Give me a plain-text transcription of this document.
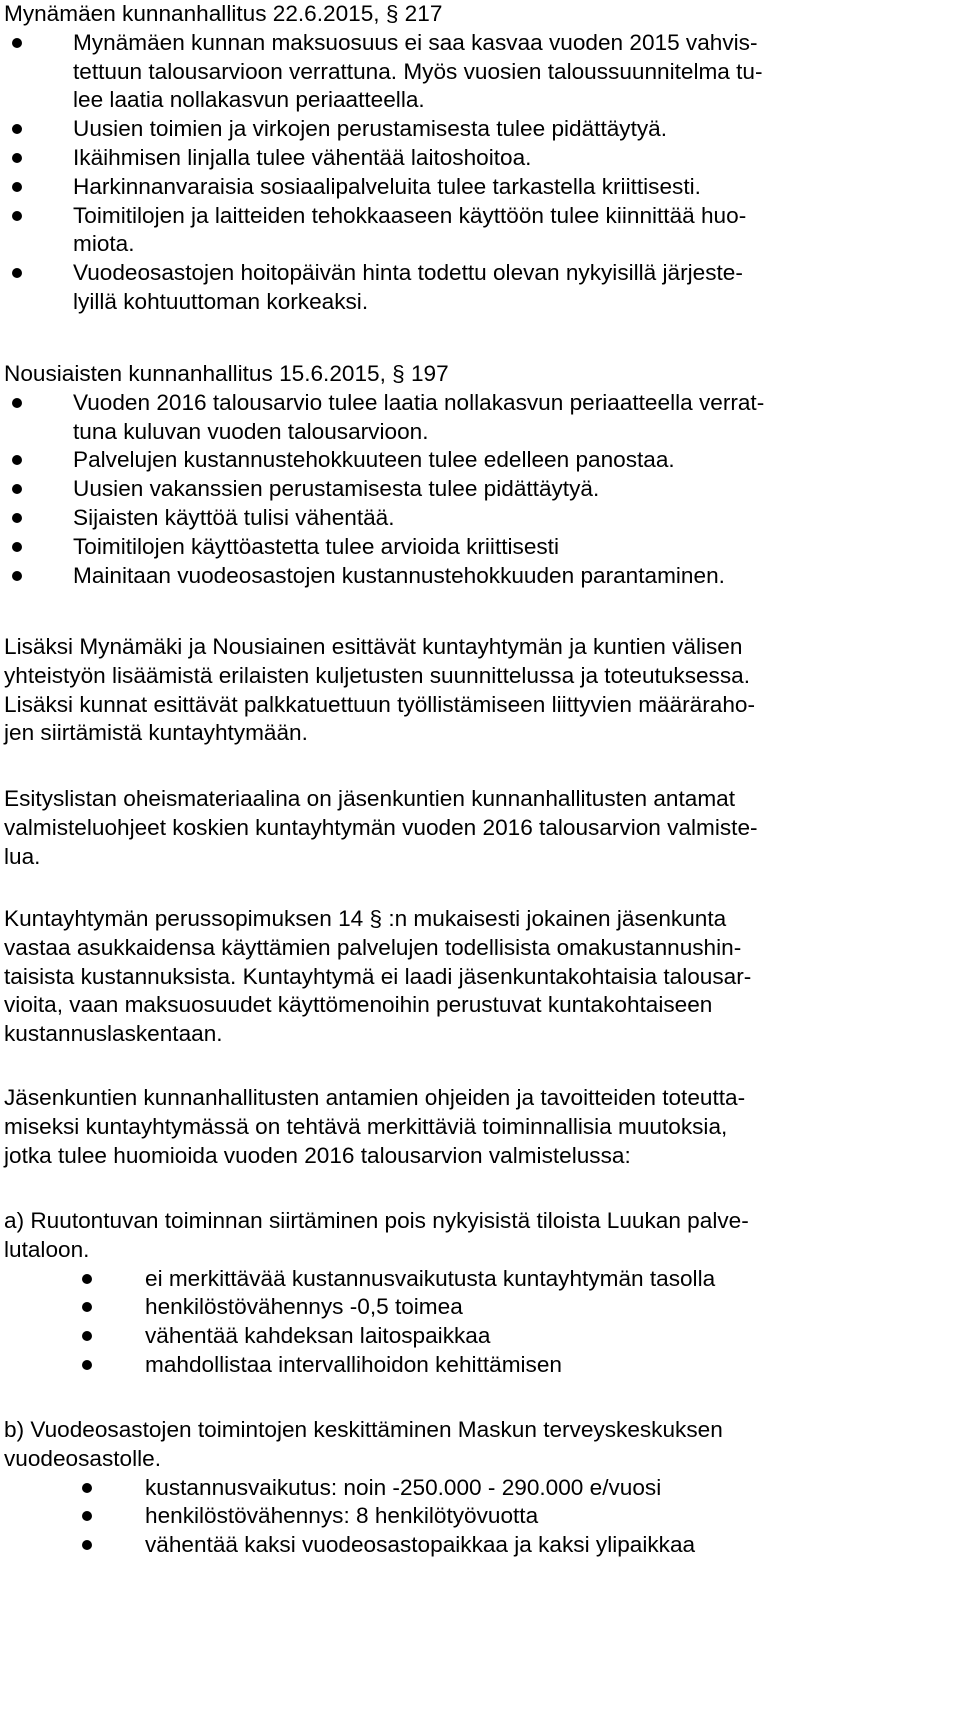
Mynämäen kunnanhallitus 22.6.2015, § 217
Mynämäen kunnan maksuosuus ei saa kasvaa vuoden 2015 vahvis-
tettuun talousarvioon verrattuna. Myös vuosien taloussuunnitelma tu-
lee laatia nollakasvun periaatteella.
Uusien toimien ja virkojen perustamisesta tulee pidättäytyä.
Ikäihmisen linjalla tulee vähentää laitoshoitoa.
Harkinnanvaraisia sosiaalipalveluita tulee tarkastella kriittisesti.
Toimitilojen ja laitteiden tehokkaaseen käyttöön tulee kiinnittää huo-
miota.
Vuodeosastojen hoitopäivän hinta todettu olevan nykyisillä järjeste-
lyillä kohtuuttoman korkeaksi.
Nousiaisten kunnanhallitus 15.6.2015, § 197
Vuoden 2016 talousarvio tulee laatia nollakasvun periaatteella verrat-
tuna kuluvan vuoden talousarvioon.
Palvelujen kustannustehokkuuteen tulee edelleen panostaa.
Uusien vakanssien perustamisesta tulee pidättäytyä.
Sijaisten käyttöä tulisi vähentää.
Toimitilojen käyttöastetta tulee arvioida kriittisesti
Mainitaan vuodeosastojen kustannustehokkuuden parantaminen.
Lisäksi Mynämäki ja Nousiainen esittävät kuntayhtymän ja kuntien välisen
yhteistyön lisäämistä erilaisten kuljetusten suunnittelussa ja toteutuksessa.
Lisäksi kunnat esittävät palkkatuettuun työllistämiseen liittyvien määräraho-
jen siirtämistä kuntayhtymään.
Esityslistan oheismateriaalina on jäsenkuntien kunnanhallitusten antamat
valmisteluohjeet koskien kuntayhtymän vuoden 2016 talousarvion valmiste-
lua.
Kuntayhtymän perussopimuksen 14 § :n mukaisesti jokainen jäsenkunta
vastaa asukkaidensa käyttämien palvelujen todellisista omakustannushin-
taisista kustannuksista. Kuntayhtymä ei laadi jäsenkuntakohtaisia talousar-
vioita, vaan maksuosuudet käyttömenoihin perustuvat kuntakohtaiseen
kustannuslaskentaan.
Jäsenkuntien kunnanhallitusten antamien ohjeiden ja tavoitteiden toteutta-
miseksi kuntayhtymässä on tehtävä merkittäviä toiminnallisia muutoksia,
jotka tulee huomioida vuoden 2016 talousarvion valmistelussa:
a) Ruutontuvan toiminnan siirtäminen pois nykyisistä tiloista Luukan palve-
lutaloon.
ei merkittävää kustannusvaikutusta kuntayhtymän tasolla
henkilöstövähennys -0,5 toimea
vähentää kahdeksan laitospaikkaa
mahdollistaa intervallihoidon kehittämisen
b) Vuodeosastojen toimintojen keskittäminen Maskun terveyskeskuksen
vuodeosastolle.
kustannusvaikutus: noin -250.000 - 290.000 e/vuosi
henkilöstövähennys: 8 henkilötyövuotta
vähentää kaksi vuodeosastopaikkaa ja kaksi ylipaikkaa
